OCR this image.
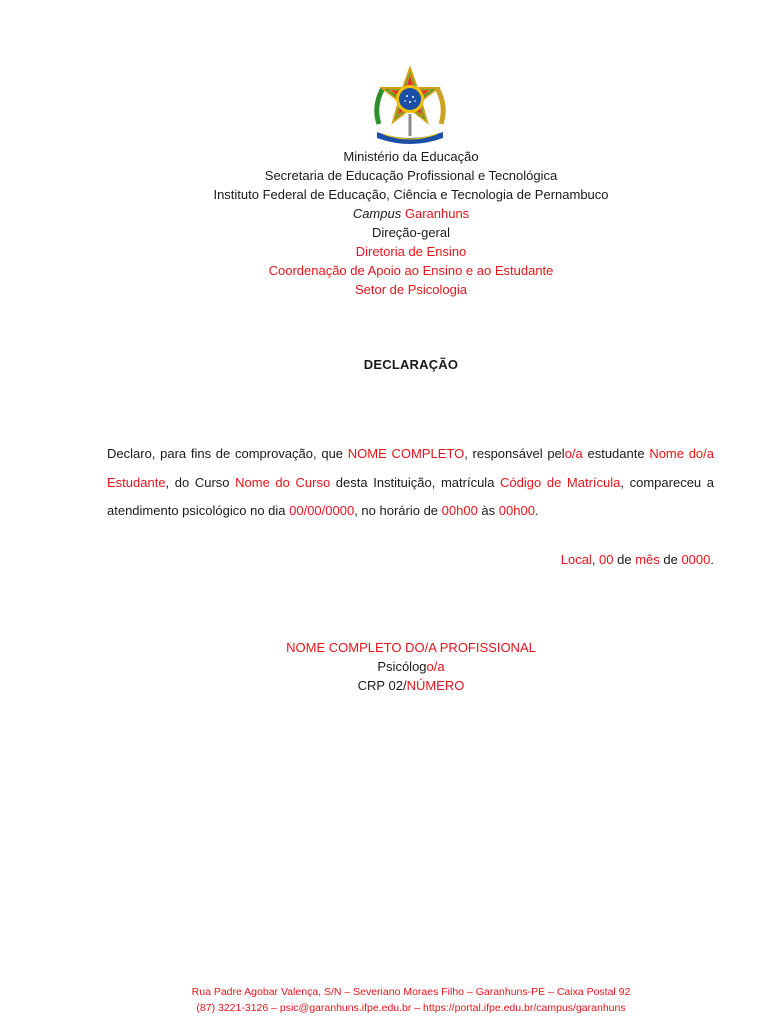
Ministério da Educação
Secretaria de Educação Profissional e Tecnológica
Instituto Federal de Educação, Ciência e Tecnologia de Pernambuco
Campus Garanhuns
Direção-geral
Diretoria de Ensino
Coordenação de Apoio ao Ensino e ao Estudante
Setor de Psicologia
DECLARAÇÃO
Declaro, para fins de comprovação, que NOME COMPLETO, responsável pelo/a estudante Nome do/a Estudante, do Curso Nome do Curso desta Instituição, matrícula Código de Matrícula, compareceu a atendimento psicológico no dia 00/00/0000, no horário de 00h00 às 00h00.
Local, 00 de mês de 0000.
NOME COMPLETO DO/A PROFISSIONAL
Psicólogo/a
CRP 02/NÚMERO
Rua Padre Agobar Valença, S/N – Severiano Moraes Filho – Garanhuns-PE – Caixa Postal 92
(87) 3221-3126 – psic@garanhuns.ifpe.edu.br – https://portal.ifpe.edu.br/campus/garanhuns
